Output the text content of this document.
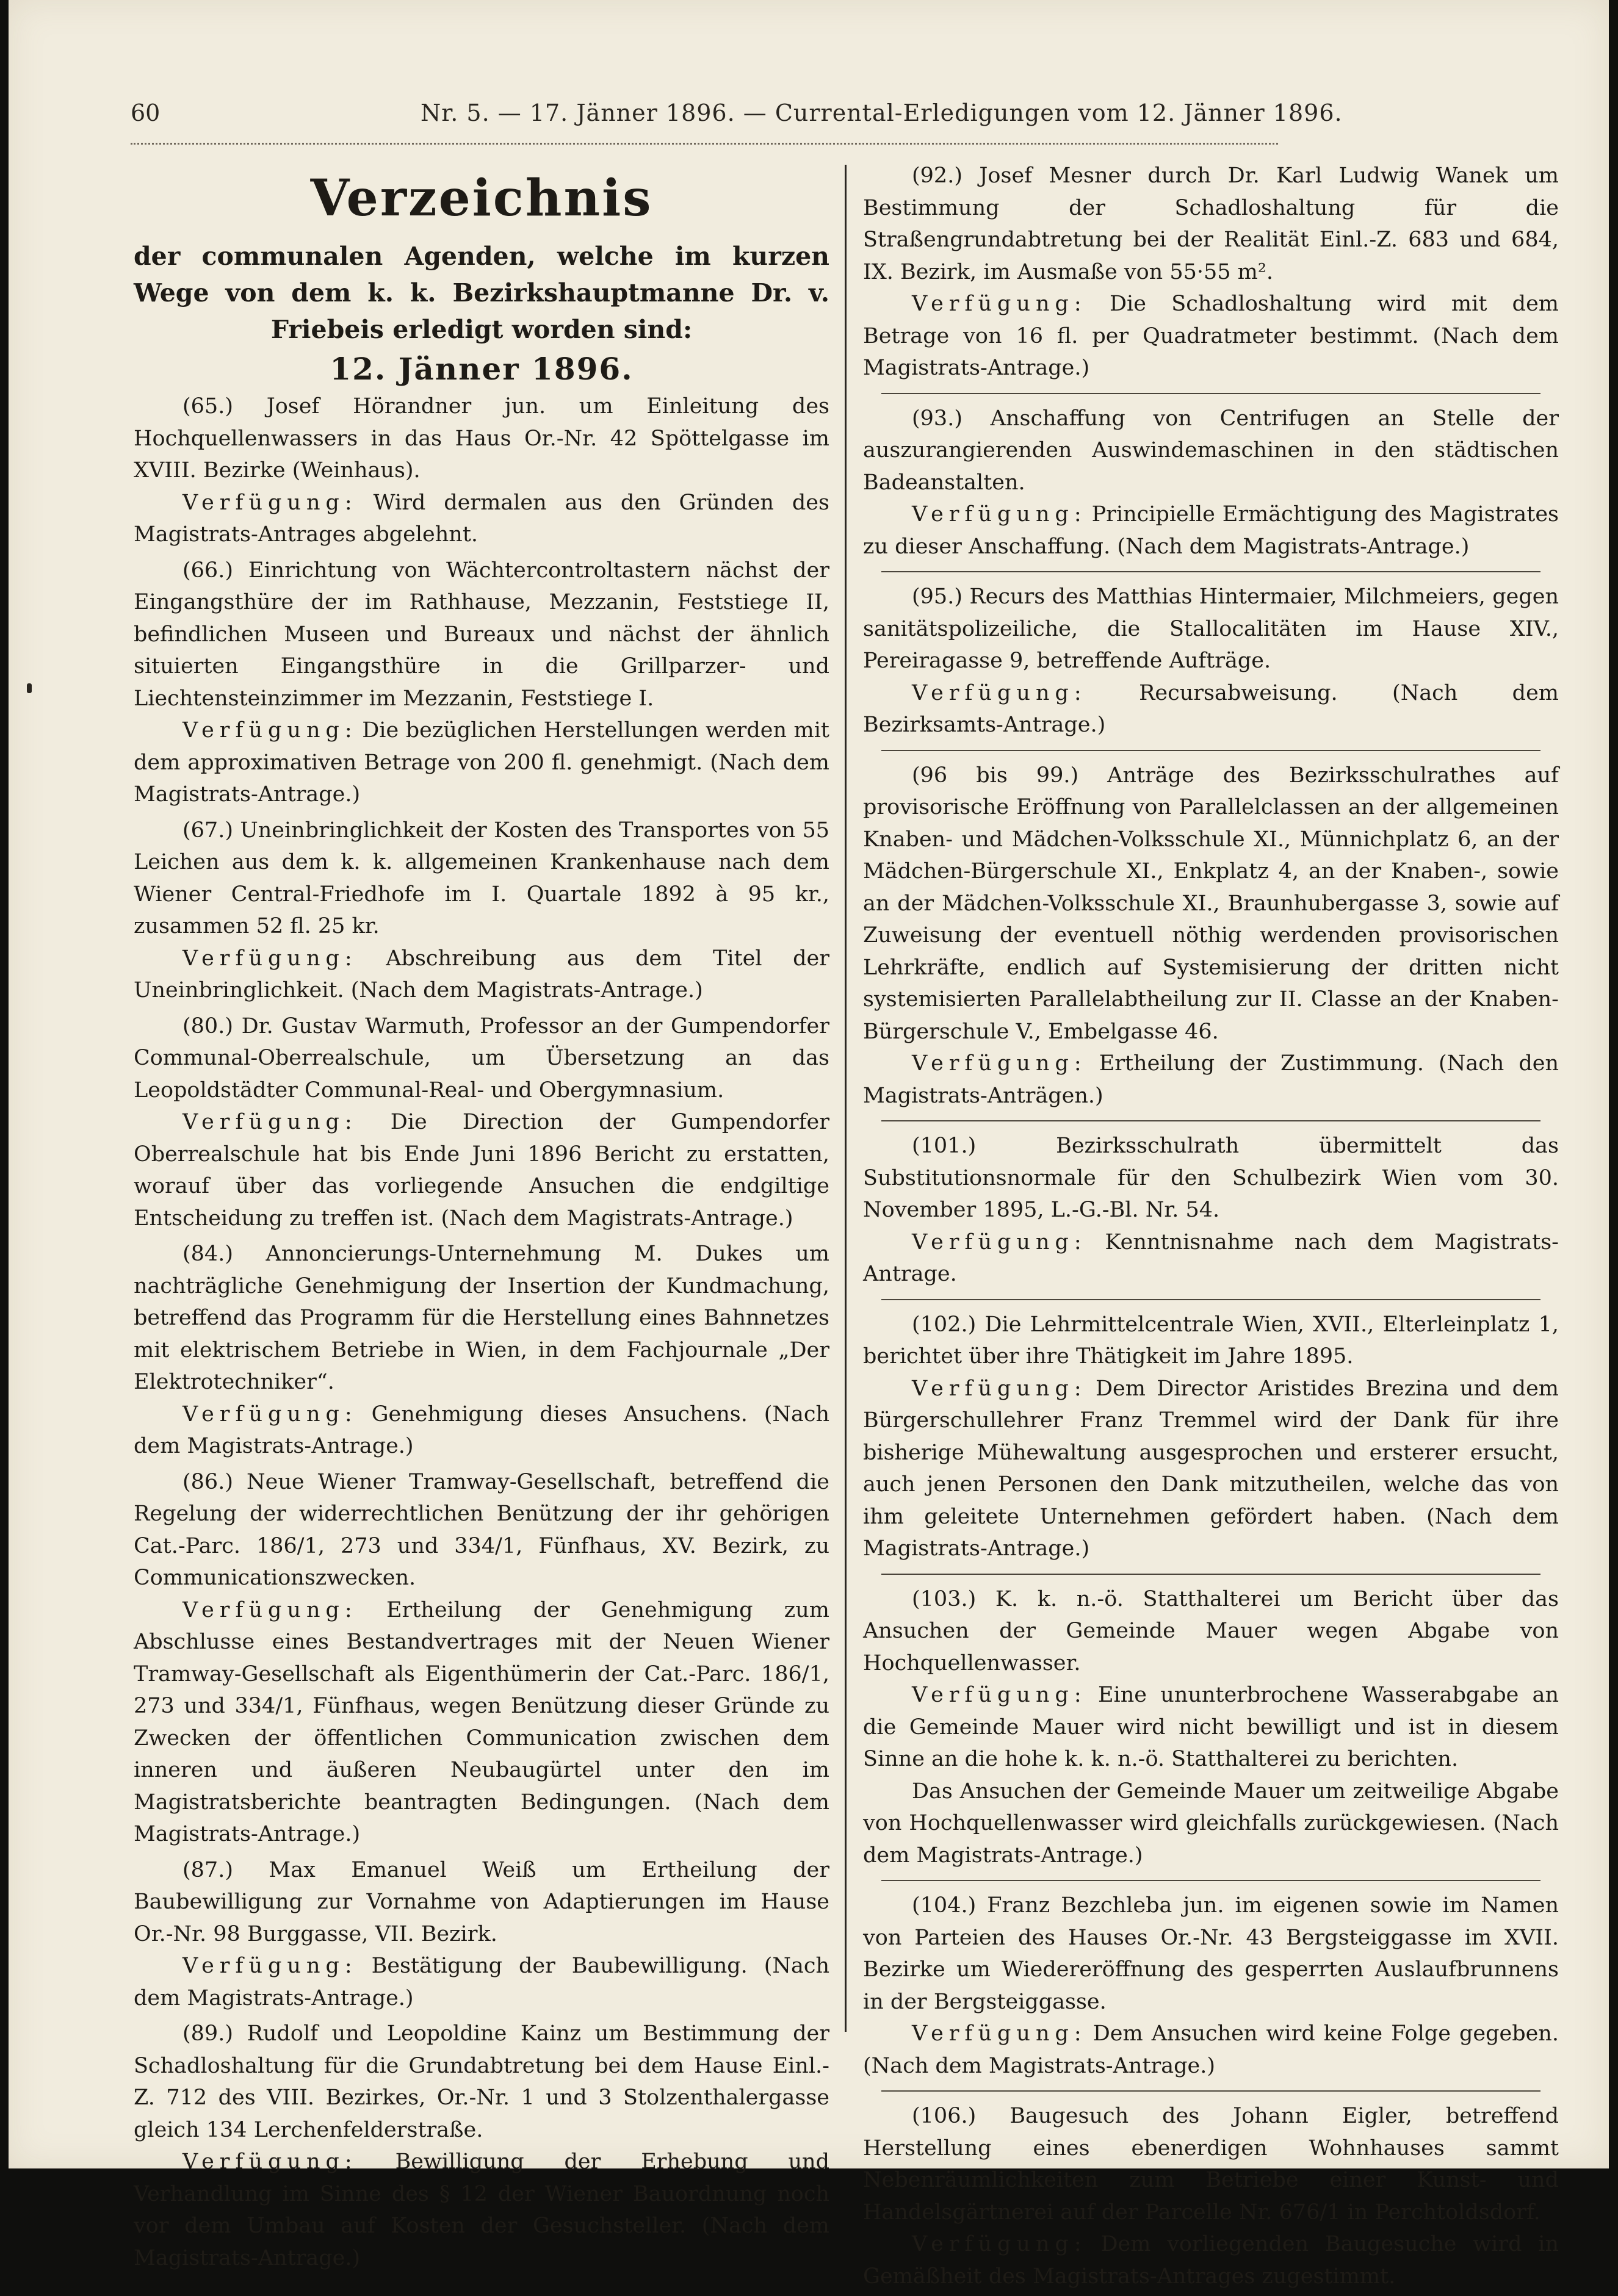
60	Nr. 5. — 17. Jänner 1896. — Currental-Erledigungen vom 12. Jänner 1896.
Verzeichnis
der communalen Agenden, welche im kurzen Wege von dem k. k. Bezirkshauptmanne Dr. v. Friebeis erledigt worden sind:
12. Jänner 1896.

(65.) Josef Hörandner jun. um Einleitung des Hochquellenwassers in das Haus Or.-Nr. 42 Spöttelgasse im XVIII. Bezirke (Weinhaus).

Verfügung: Wird dermalen aus den Gründen des Magistrats-Antrages abgelehnt.

(66.) Einrichtung von Wächtercontroltastern nächst der Eingangsthüre der im Rathhause, Mezzanin, Feststiege II, befindlichen Museen und Bureaux und nächst der ähnlich situierten Eingangsthüre in die Grillparzer- und Liechtensteinzimmer im Mezzanin, Feststiege I.

Verfügung: Die bezüglichen Herstellungen werden mit dem approximativen Betrage von 200 fl. genehmigt. (Nach dem Magistrats-Antrage.)

(67.) Uneinbringlichkeit der Kosten des Transportes von 55 Leichen aus dem k. k. allgemeinen Krankenhause nach dem Wiener Central-Friedhofe im I. Quartale 1892 à 95 kr., zusammen 52 fl. 25 kr.

Verfügung: Abschreibung aus dem Titel der Uneinbringlichkeit. (Nach dem Magistrats-Antrage.)

(80.) Dr. Gustav Warmuth, Professor an der Gumpendorfer Communal-Oberrealschule, um Übersetzung an das Leopoldstädter Communal-Real- und Obergymnasium.

Verfügung: Die Direction der Gumpendorfer Oberrealschule hat bis Ende Juni 1896 Bericht zu erstatten, worauf über das vorliegende Ansuchen die endgiltige Entscheidung zu treffen ist. (Nach dem Magistrats-Antrage.)

(84.) Annoncierungs-Unternehmung M. Dukes um nachträgliche Genehmigung der Insertion der Kundmachung, betreffend das Programm für die Herstellung eines Bahnnetzes mit elektrischem Betriebe in Wien, in dem Fachjournale „Der Elektrotechniker“.

Verfügung: Genehmigung dieses Ansuchens. (Nach dem Magistrats-Antrage.)

(86.) Neue Wiener Tramway-Gesellschaft, betreffend die Regelung der widerrechtlichen Benützung der ihr gehörigen Cat.-Parc. 186/1, 273 und 334/1, Fünfhaus, XV. Bezirk, zu Communicationszwecken.

Verfügung: Ertheilung der Genehmigung zum Abschlusse eines Bestandvertrages mit der Neuen Wiener Tramway-Gesellschaft als Eigenthümerin der Cat.-Parc. 186/1, 273 und 334/1, Fünfhaus, wegen Benützung dieser Gründe zu Zwecken der öffentlichen Communication zwischen dem inneren und äußeren Neubaugürtel unter den im Magistratsberichte beantragten Bedingungen. (Nach dem Magistrats-Antrage.)

(87.) Max Emanuel Weiß um Ertheilung der Baubewilligung zur Vornahme von Adaptierungen im Hause Or.-Nr. 98 Burggasse, VII. Bezirk.

Verfügung: Bestätigung der Baubewilligung. (Nach dem Magistrats-Antrage.)

(89.) Rudolf und Leopoldine Kainz um Bestimmung der Schadloshaltung für die Grundabtretung bei dem Hause Einl.-Z. 712 des VIII. Bezirkes, Or.-Nr. 1 und 3 Stolzenthalergasse gleich 134 Lerchenfelderstraße.

Verfügung: Bewilligung der Erhebung und Verhandlung im Sinne des § 12 der Wiener Bauordnung noch vor dem Umbau auf Kosten der Gesuchsteller. (Nach dem Magistrats-Antrage.)

(92.) Josef Mesner durch Dr. Karl Ludwig Wanek um Bestimmung der Schadloshaltung für die Straßengrundabtretung bei der Realität Einl.-Z. 683 und 684, IX. Bezirk, im Ausmaße von 55·55 m².

Verfügung: Die Schadloshaltung wird mit dem Betrage von 16 fl. per Quadratmeter bestimmt. (Nach dem Magistrats-Antrage.)

(93.) Anschaffung von Centrifugen an Stelle der auszurangierenden Auswindemaschinen in den städtischen Badeanstalten.

Verfügung: Principielle Ermächtigung des Magistrates zu dieser Anschaffung. (Nach dem Magistrats-Antrage.)

(95.) Recurs des Matthias Hintermaier, Milchmeiers, gegen sanitätspolizeiliche, die Stallocalitäten im Hause XIV., Pereiragasse 9, betreffende Aufträge.

Verfügung: Recursabweisung. (Nach dem Bezirksamts-Antrage.)

(96 bis 99.) Anträge des Bezirksschulrathes auf provisorische Eröffnung von Parallelclassen an der allgemeinen Knaben- und Mädchen-Volksschule XI., Münnichplatz 6, an der Mädchen-Bürgerschule XI., Enkplatz 4, an der Knaben-, sowie an der Mädchen-Volksschule XI., Braunhubergasse 3, sowie auf Zuweisung der eventuell nöthig werdenden provisorischen Lehrkräfte, endlich auf Systemisierung der dritten nicht systemisierten Parallelabtheilung zur II. Classe an der Knaben-Bürgerschule V., Embelgasse 46.

Verfügung: Ertheilung der Zustimmung. (Nach den Magistrats-Anträgen.)

(101.) Bezirksschulrath übermittelt das Substitutionsnormale für den Schulbezirk Wien vom 30. November 1895, L.-G.-Bl. Nr. 54.

Verfügung: Kenntnisnahme nach dem Magistrats-Antrage.

(102.) Die Lehrmittelcentrale Wien, XVII., Elterleinplatz 1, berichtet über ihre Thätigkeit im Jahre 1895.

Verfügung: Dem Director Aristides Brezina und dem Bürgerschullehrer Franz Tremmel wird der Dank für ihre bisherige Mühewaltung ausgesprochen und ersterer ersucht, auch jenen Personen den Dank mitzutheilen, welche das von ihm geleitete Unternehmen gefördert haben. (Nach dem Magistrats-Antrage.)

(103.) K. k. n.-ö. Statthalterei um Bericht über das Ansuchen der Gemeinde Mauer wegen Abgabe von Hochquellenwasser.

Verfügung: Eine ununterbrochene Wasserabgabe an die Gemeinde Mauer wird nicht bewilligt und ist in diesem Sinne an die hohe k. k. n.-ö. Statthalterei zu berichten.

Das Ansuchen der Gemeinde Mauer um zeitweilige Abgabe von Hochquellenwasser wird gleichfalls zurückgewiesen. (Nach dem Magistrats-Antrage.)

(104.) Franz Bezchleba jun. im eigenen sowie im Namen von Parteien des Hauses Or.-Nr. 43 Bergsteiggasse im XVII. Bezirke um Wiedereröffnung des gesperrten Auslaufbrunnens in der Bergsteiggasse.

Verfügung: Dem Ansuchen wird keine Folge gegeben. (Nach dem Magistrats-Antrage.)

(106.) Baugesuch des Johann Eigler, betreffend Herstellung eines ebenerdigen Wohnhauses sammt Nebenräumlichkeiten zum Betriebe einer Kunst- und Handelsgärtnerei auf der Parcelle Nr. 676/1 in Perchtoldsdorf.

Verfügung: Dem vorliegenden Baugesuche wird in Gemäßheit des Magistrats-Antrages zugestimmt.
